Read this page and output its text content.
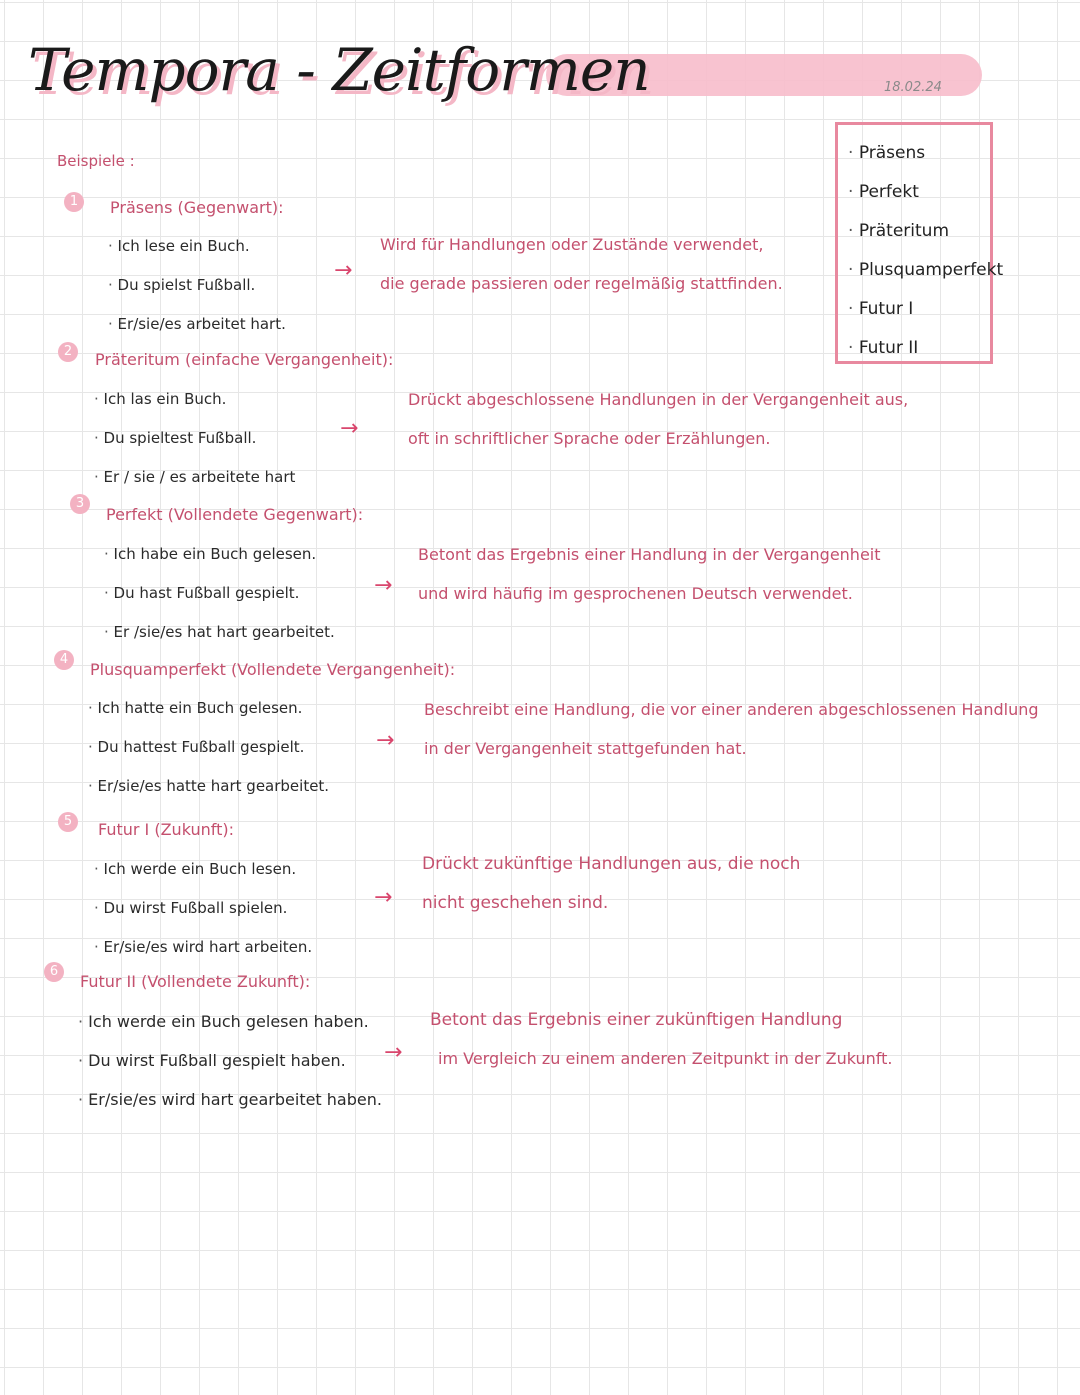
Tempora - Zeitformen	18.02.24
Beispiele :
·	Präsens
· Perfekt
· Präteritum
· Plusquamperfekt
· Futur I
· Futur II
1	Präsens (Gegenwart):
· Ich lese ein Buch.
· Du spielst Fußball.
· Er/sie/es arbeitet hart.
→
Wird für Handlungen oder Zustände verwendet,
die gerade passieren oder regelmäßig stattfinden.
2	Präteritum (einfache Vergangenheit):
· Ich las ein Buch.
· Du spieltest Fußball.
· Er / sie / es arbeitete hart
→
Drückt abgeschlossene Handlungen in der Vergangenheit aus,
oft in schriftlicher Sprache oder Erzählungen.
3
Perfekt (Vollendete Gegenwart):
· Ich habe ein Buch gelesen.
· Du hast Fußball gespielt.
· Er /sie/es hat hart gearbeitet.
→
Betont das Ergebnis einer Handlung in der Vergangenheit
und wird häufig im gesprochenen Deutsch verwendet.
4
Plusquamperfekt (Vollendete Vergangenheit):
· Ich hatte ein Buch gelesen.
· Du hattest Fußball gespielt.
· Er/sie/es hatte hart gearbeitet.
→
Beschreibt eine Handlung, die vor einer anderen abgeschlossenen Handlung
in der Vergangenheit stattgefunden hat.
5	Futur I (Zukunft):
· Ich werde ein Buch lesen.
· Du wirst Fußball spielen.
· Er/sie/es wird hart arbeiten.
→
Drückt zukünftige Handlungen aus, die noch
nicht geschehen sind.
6
Futur II (Vollendete Zukunft):
· Ich werde ein Buch gelesen haben.
· Du wirst Fußball gespielt haben.
· Er/sie/es wird hart gearbeitet haben.
→
Betont das Ergebnis einer zukünftigen Handlung
im Vergleich zu einem anderen Zeitpunkt in der Zukunft.
